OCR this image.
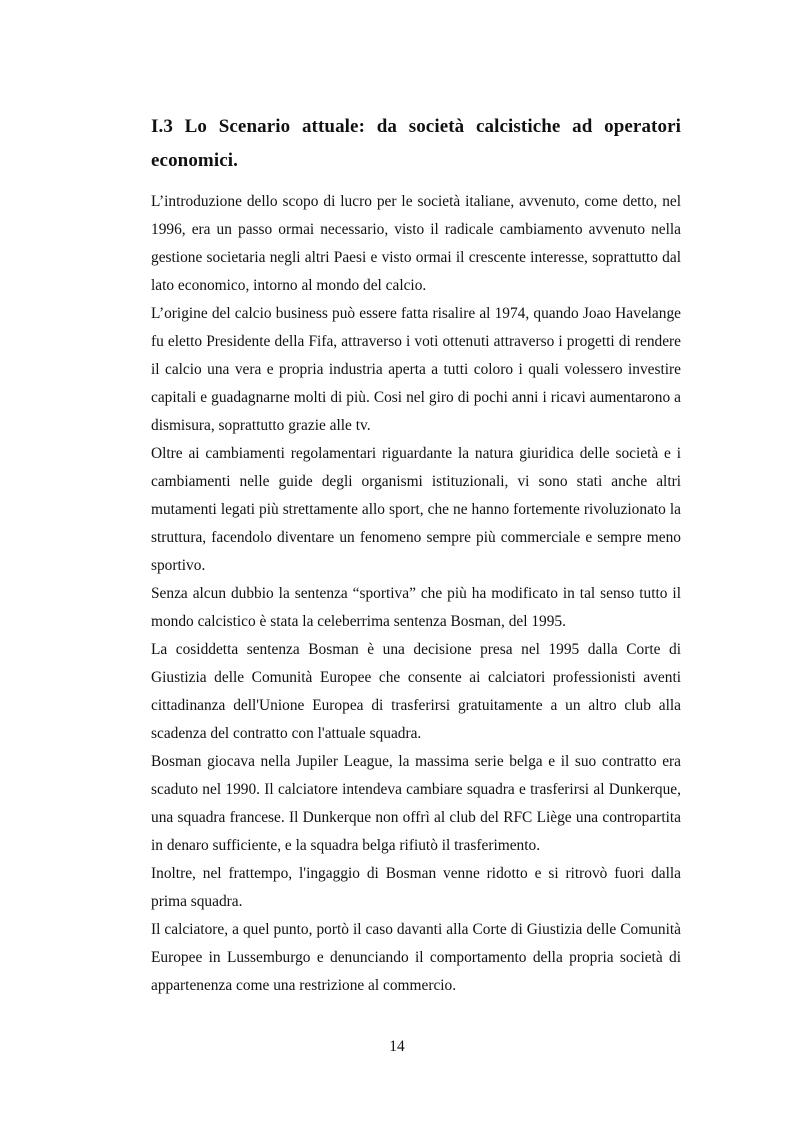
I.3 Lo Scenario attuale: da società calcistiche ad operatori economici.

L’introduzione dello scopo di lucro per le società italiane, avvenuto, come detto, nel 1996, era un passo ormai necessario, visto il radicale cambiamento avvenuto nella gestione societaria negli altri Paesi e visto ormai il crescente interesse, soprattutto dal lato economico, intorno al mondo del calcio.

L’origine del calcio business può essere fatta risalire al 1974, quando Joao Havelange fu eletto Presidente della Fifa, attraverso i voti ottenuti attraverso i progetti di rendere il calcio una vera e propria industria aperta a tutti coloro i quali volessero investire capitali e guadagnarne molti di più. Cosi nel giro di pochi anni i ricavi aumentarono a dismisura, soprattutto grazie alle tv.

Oltre ai cambiamenti regolamentari riguardante la natura giuridica delle società e i cambiamenti nelle guide degli organismi istituzionali, vi sono stati anche altri mutamenti legati più strettamente allo sport, che ne hanno fortemente rivoluzionato la struttura, facendolo diventare un fenomeno sempre più commerciale e sempre meno sportivo.

Senza alcun dubbio la sentenza “sportiva” che più ha modificato in tal senso tutto il mondo calcistico è stata la celeberrima sentenza Bosman, del 1995.

La cosiddetta sentenza Bosman è una decisione presa nel 1995 dalla Corte di Giustizia delle Comunità Europee che consente ai calciatori professionisti aventi cittadinanza dell'Unione Europea di trasferirsi gratuitamente a un altro club alla scadenza del contratto con l'attuale squadra.

Bosman giocava nella Jupiler League, la massima serie belga e il suo contratto era scaduto nel 1990. Il calciatore intendeva cambiare squadra e trasferirsi al Dunkerque, una squadra francese. Il Dunkerque non offrì al club del RFC Liège una contropartita in denaro sufficiente, e la squadra belga rifiutò il trasferimento.

Inoltre, nel frattempo, l'ingaggio di Bosman venne ridotto e si ritrovò fuori dalla prima squadra.

Il calciatore, a quel punto, portò il caso davanti alla Corte di Giustizia delle Comunità Europee in Lussemburgo e denunciando il comportamento della propria società di appartenenza come una restrizione al commercio.

14
